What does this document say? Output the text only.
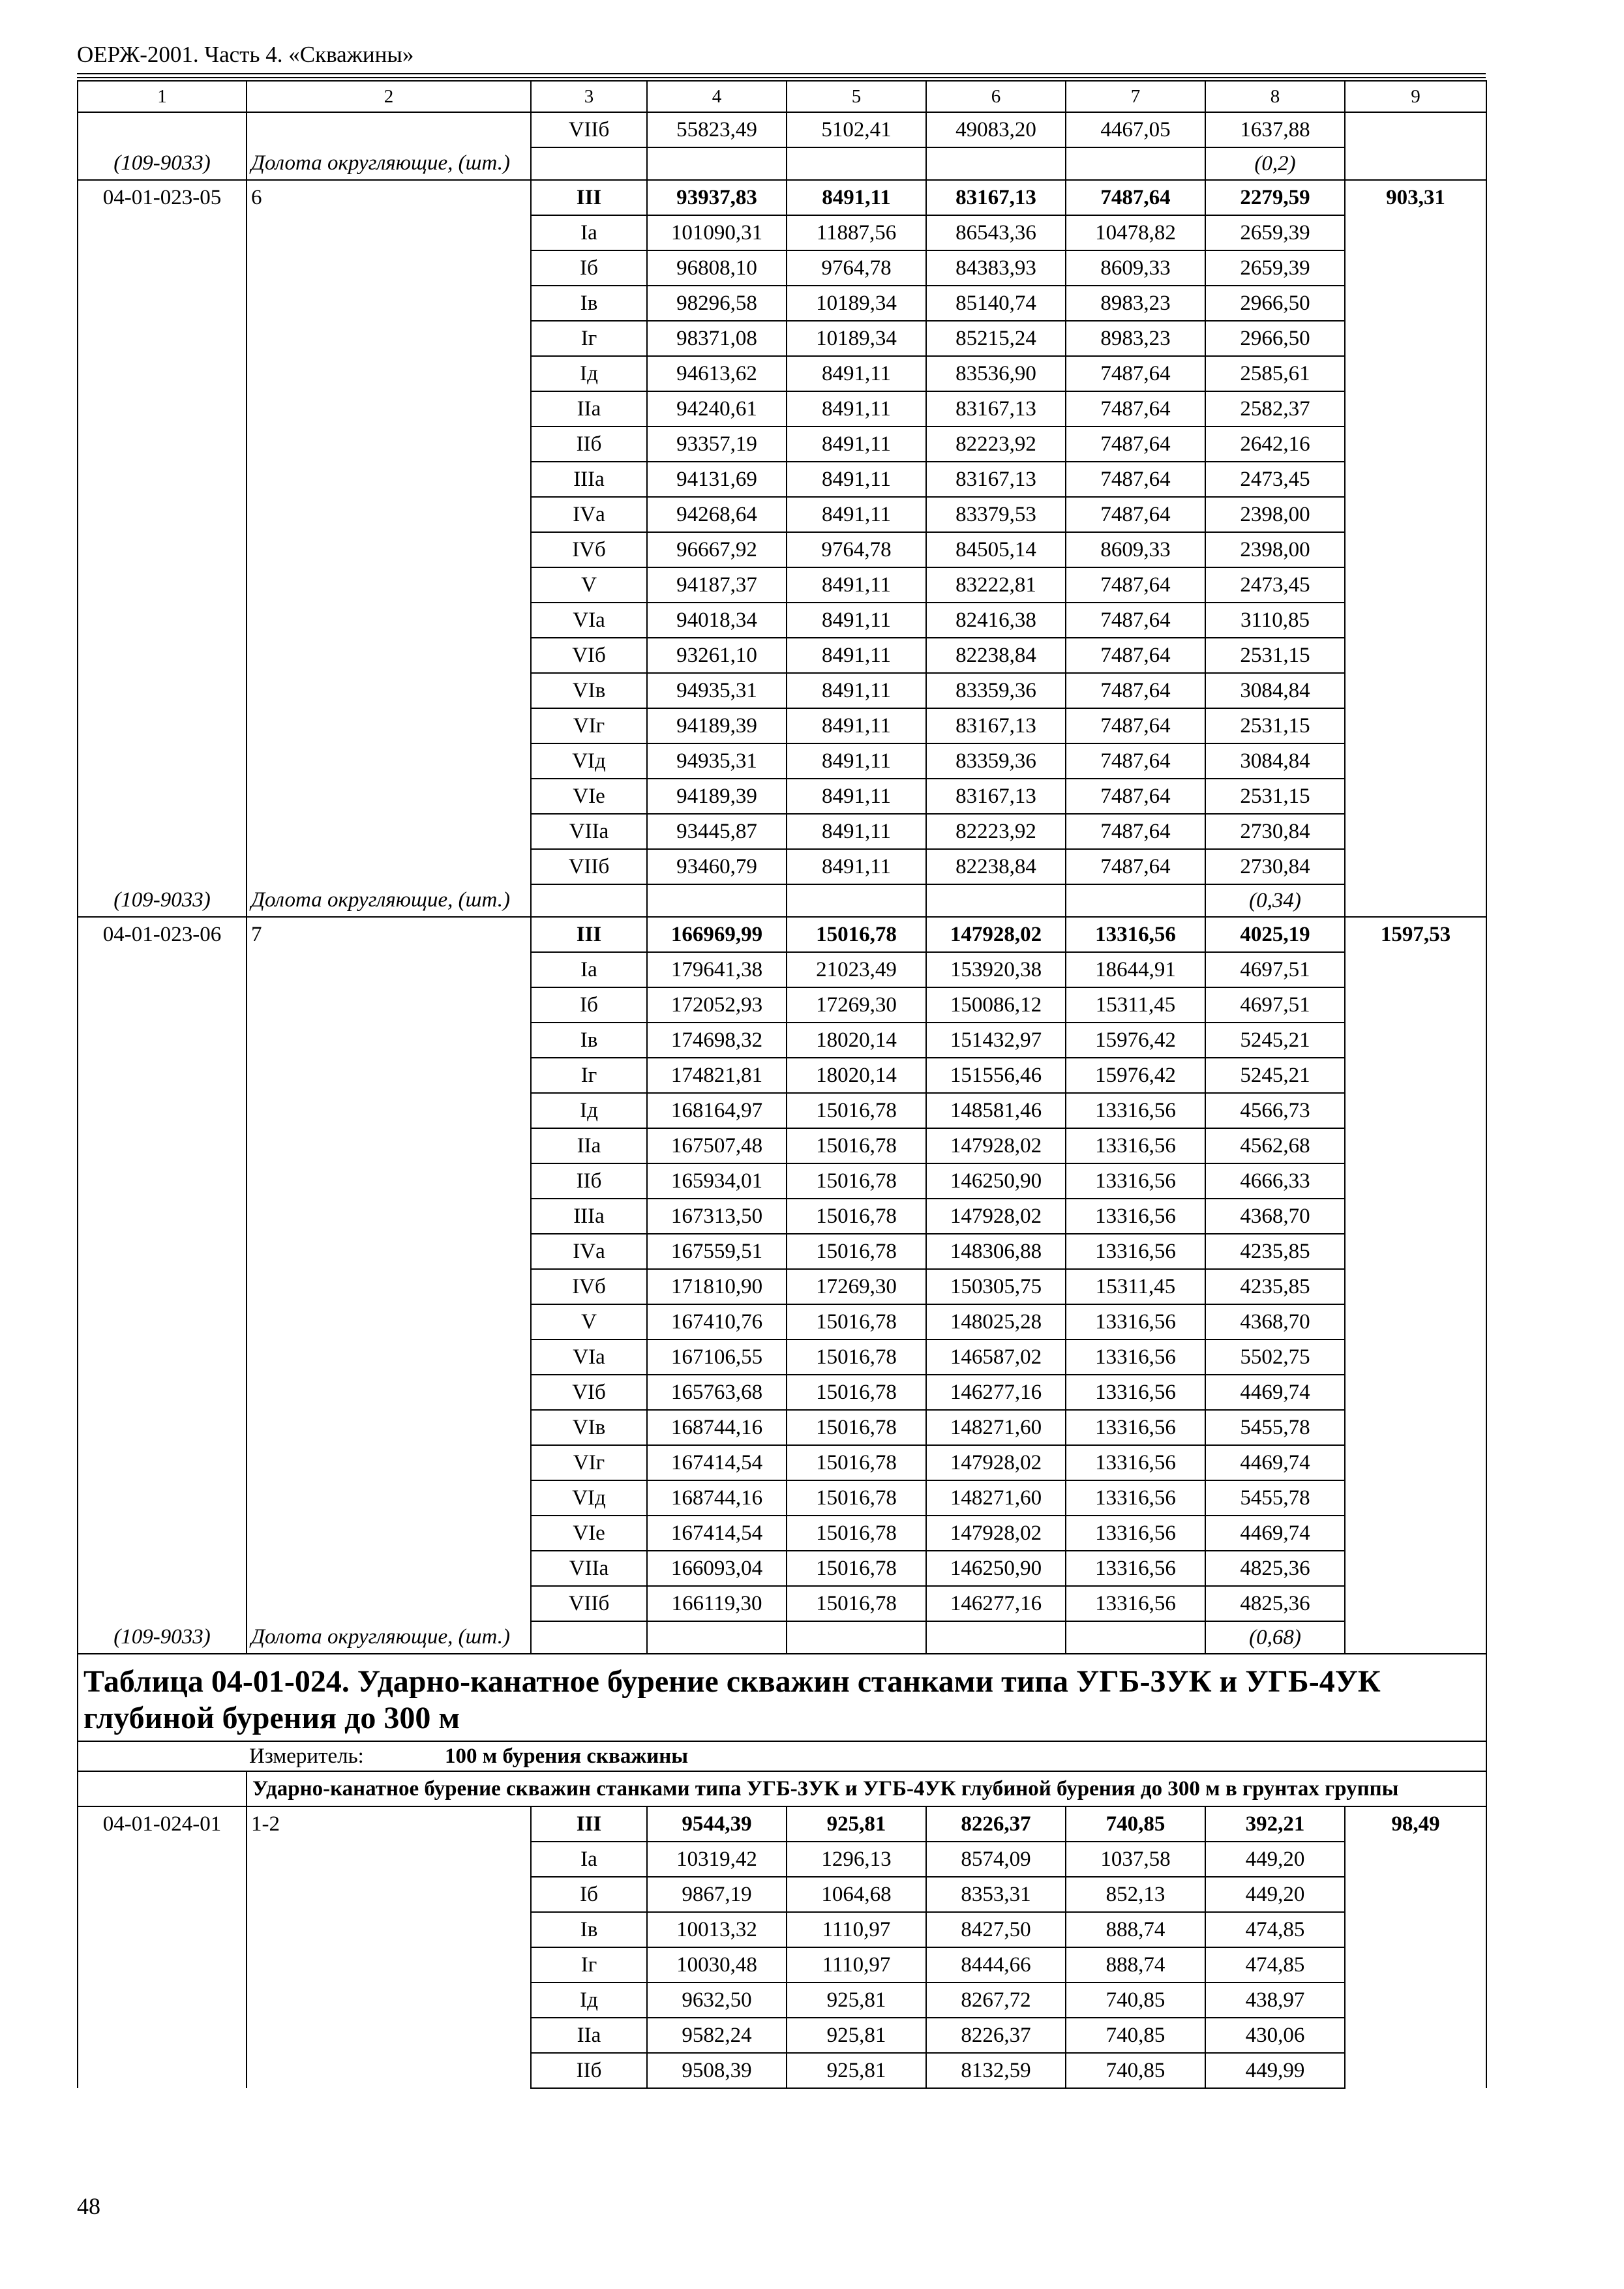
ОЕРЖ-2001. Часть 4. «Скважины»
1	2	3	4	5	6	7	8	9
		VIIб	55823,49	5102,41	49083,20	4467,05	1637,88	
(109-9033)	Долота округляющие, (шт.)						(0,2)	
04-01-023-05	6	III	93937,83	8491,11	83167,13	7487,64	2279,59	903,31
		Iа	101090,31	11887,56	86543,36	10478,82	2659,39	
		Iб	96808,10	9764,78	84383,93	8609,33	2659,39	
		Iв	98296,58	10189,34	85140,74	8983,23	2966,50	
		Iг	98371,08	10189,34	85215,24	8983,23	2966,50	
		Iд	94613,62	8491,11	83536,90	7487,64	2585,61	
		IIа	94240,61	8491,11	83167,13	7487,64	2582,37	
		IIб	93357,19	8491,11	82223,92	7487,64	2642,16	
		IIIа	94131,69	8491,11	83167,13	7487,64	2473,45	
		IVа	94268,64	8491,11	83379,53	7487,64	2398,00	
		IVб	96667,92	9764,78	84505,14	8609,33	2398,00	
		V	94187,37	8491,11	83222,81	7487,64	2473,45	
		VIа	94018,34	8491,11	82416,38	7487,64	3110,85	
		VIб	93261,10	8491,11	82238,84	7487,64	2531,15	
		VIв	94935,31	8491,11	83359,36	7487,64	3084,84	
		VIг	94189,39	8491,11	83167,13	7487,64	2531,15	
		VIд	94935,31	8491,11	83359,36	7487,64	3084,84	
		VIе	94189,39	8491,11	83167,13	7487,64	2531,15	
		VIIа	93445,87	8491,11	82223,92	7487,64	2730,84	
		VIIб	93460,79	8491,11	82238,84	7487,64	2730,84	
(109-9033)	Долота округляющие, (шт.)						(0,34)	
04-01-023-06	7	III	166969,99	15016,78	147928,02	13316,56	4025,19	1597,53
		Iа	179641,38	21023,49	153920,38	18644,91	4697,51	
		Iб	172052,93	17269,30	150086,12	15311,45	4697,51	
		Iв	174698,32	18020,14	151432,97	15976,42	5245,21	
		Iг	174821,81	18020,14	151556,46	15976,42	5245,21	
		Iд	168164,97	15016,78	148581,46	13316,56	4566,73	
		IIа	167507,48	15016,78	147928,02	13316,56	4562,68	
		IIб	165934,01	15016,78	146250,90	13316,56	4666,33	
		IIIа	167313,50	15016,78	147928,02	13316,56	4368,70	
		IVа	167559,51	15016,78	148306,88	13316,56	4235,85	
		IVб	171810,90	17269,30	150305,75	15311,45	4235,85	
		V	167410,76	15016,78	148025,28	13316,56	4368,70	
		VIа	167106,55	15016,78	146587,02	13316,56	5502,75	
		VIб	165763,68	15016,78	146277,16	13316,56	4469,74	
		VIв	168744,16	15016,78	148271,60	13316,56	5455,78	
		VIг	167414,54	15016,78	147928,02	13316,56	4469,74	
		VIд	168744,16	15016,78	148271,60	13316,56	5455,78	
		VIе	167414,54	15016,78	147928,02	13316,56	4469,74	
		VIIа	166093,04	15016,78	146250,90	13316,56	4825,36	
		VIIб	166119,30	15016,78	146277,16	13316,56	4825,36	
(109-9033)	Долота округляющие, (шт.)						(0,68)	
Таблица 04-01-024. Ударно-канатное бурение скважин станками типа УГБ-3УК и УГБ-4УК глубиной бурения до 300 м								
Измеритель: 100 м бурения скважины								
	Ударно-канатное бурение скважин станками типа УГБ-3УК и УГБ-4УК глубиной бурения до 300 м в грунтах группы							
04-01-024-01	1-2	III	9544,39	925,81	8226,37	740,85	392,21	98,49
		Iа	10319,42	1296,13	8574,09	1037,58	449,20	
		Iб	9867,19	1064,68	8353,31	852,13	449,20	
		Iв	10013,32	1110,97	8427,50	888,74	474,85	
		Iг	10030,48	1110,97	8444,66	888,74	474,85	
		Iд	9632,50	925,81	8267,72	740,85	438,97	
		IIа	9582,24	925,81	8226,37	740,85	430,06	
		IIб	9508,39	925,81	8132,59	740,85	449,99	
48
